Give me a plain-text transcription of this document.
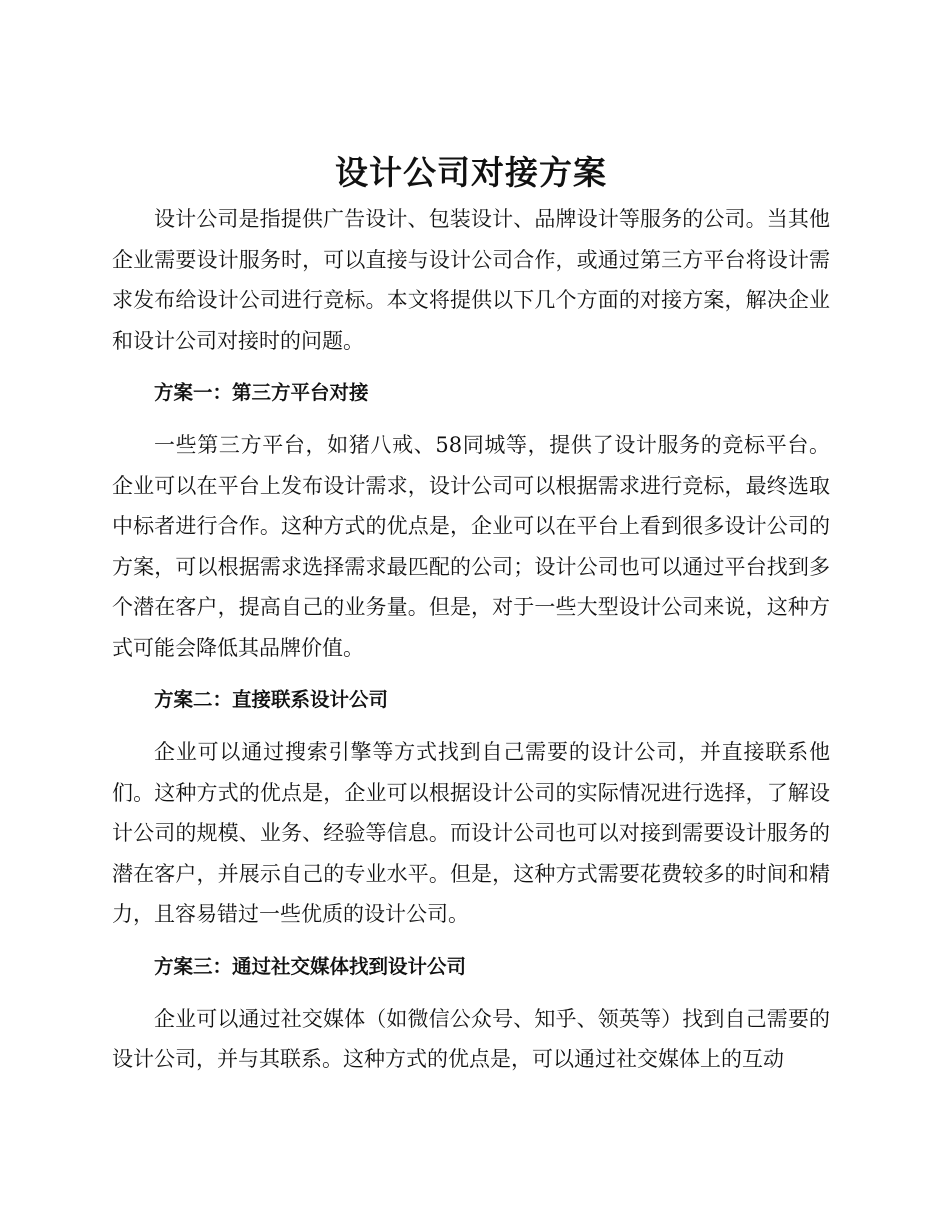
设计公司对接方案

设计公司是指提供广告设计、包装设计、品牌设计等服务的公司。当其他企业需要设计服务时，可以直接与设计公司合作，或通过第三方平台将设计需求发布给设计公司进行竞标。本文将提供以下几个方面的对接方案，解决企业和设计公司对接时的问题。

方案一：第三方平台对接

一些第三方平台，如猪八戒、58同城等，提供了设计服务的竞标平台。企业可以在平台上发布设计需求，设计公司可以根据需求进行竞标，最终选取中标者进行合作。这种方式的优点是，企业可以在平台上看到很多设计公司的方案，可以根据需求选择需求最匹配的公司；设计公司也可以通过平台找到多个潜在客户，提高自己的业务量。但是，对于一些大型设计公司来说，这种方式可能会降低其品牌价值。

方案二：直接联系设计公司

企业可以通过搜索引擎等方式找到自己需要的设计公司，并直接联系他们。这种方式的优点是，企业可以根据设计公司的实际情况进行选择，了解设计公司的规模、业务、经验等信息。而设计公司也可以对接到需要设计服务的潜在客户，并展示自己的专业水平。但是，这种方式需要花费较多的时间和精力，且容易错过一些优质的设计公司。

方案三：通过社交媒体找到设计公司

企业可以通过社交媒体（如微信公众号、知乎、领英等）找到自己需要的设计公司，并与其联系。这种方式的优点是，可以通过社交媒体上的互动
